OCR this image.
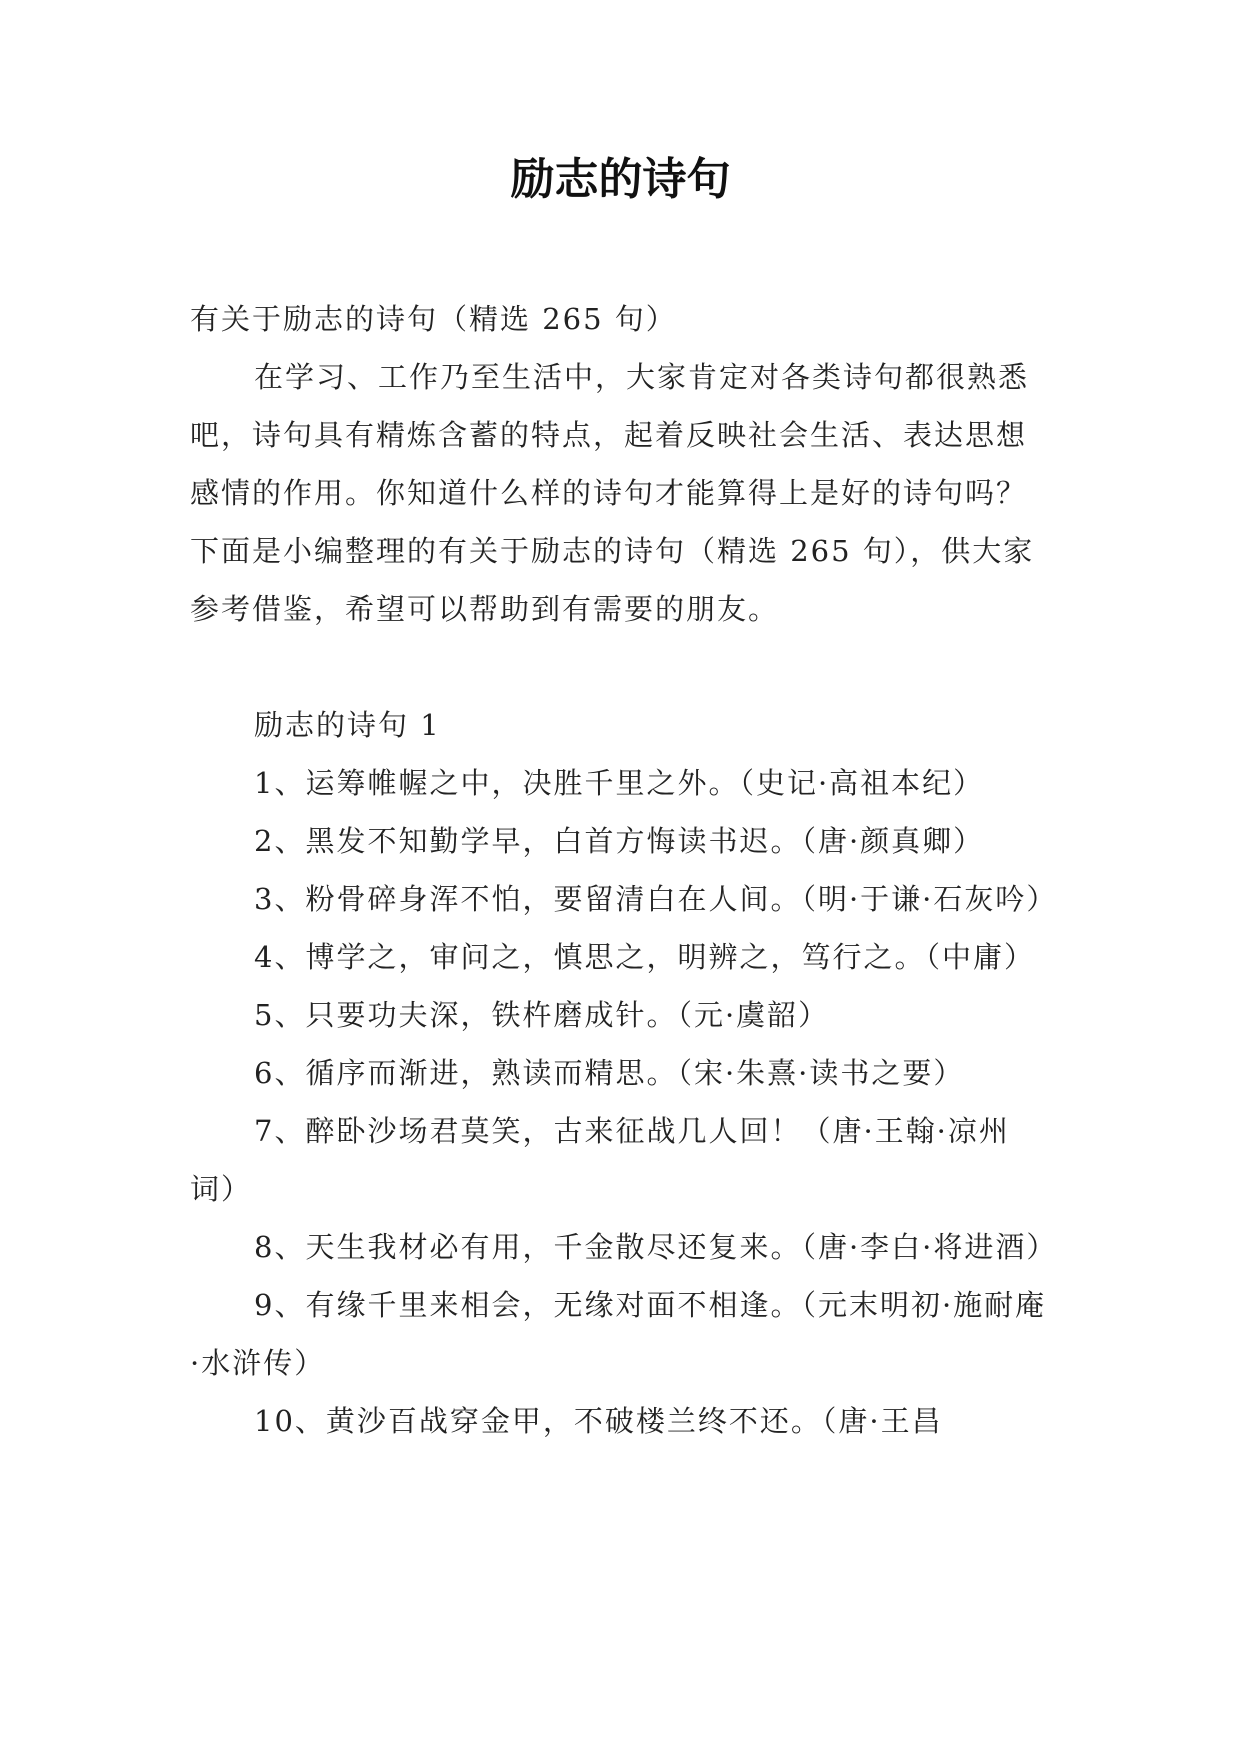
励志的诗句

有关于励志的诗句（精选 265 句）

在学习、工作乃至生活中，大家肯定对各类诗句都很熟悉吧，诗句具有精炼含蓄的特点，起着反映社会生活、表达思想感情的作用。你知道什么样的诗句才能算得上是好的诗句吗？下面是小编整理的有关于励志的诗句（精选 265 句），供大家参考借鉴，希望可以帮助到有需要的朋友。

励志的诗句 1

1、运筹帷幄之中，决胜千里之外。（史记·高祖本纪）

2、黑发不知勤学早，白首方悔读书迟。（唐·颜真卿）

3、粉骨碎身浑不怕，要留清白在人间。（明·于谦·石灰吟）

4、博学之，审问之，慎思之，明辨之，笃行之。（中庸）

5、只要功夫深，铁杵磨成针。（元·虞韶）

6、循序而渐进，熟读而精思。（宋·朱熹·读书之要）

7、醉卧沙场君莫笑，古来征战几人回！（唐·王翰·凉州词）

8、天生我材必有用，千金散尽还复来。（唐·李白·将进酒）

9、有缘千里来相会，无缘对面不相逢。（元末明初·施耐庵·水浒传）

10、黄沙百战穿金甲，不破楼兰终不还。（唐·王昌
